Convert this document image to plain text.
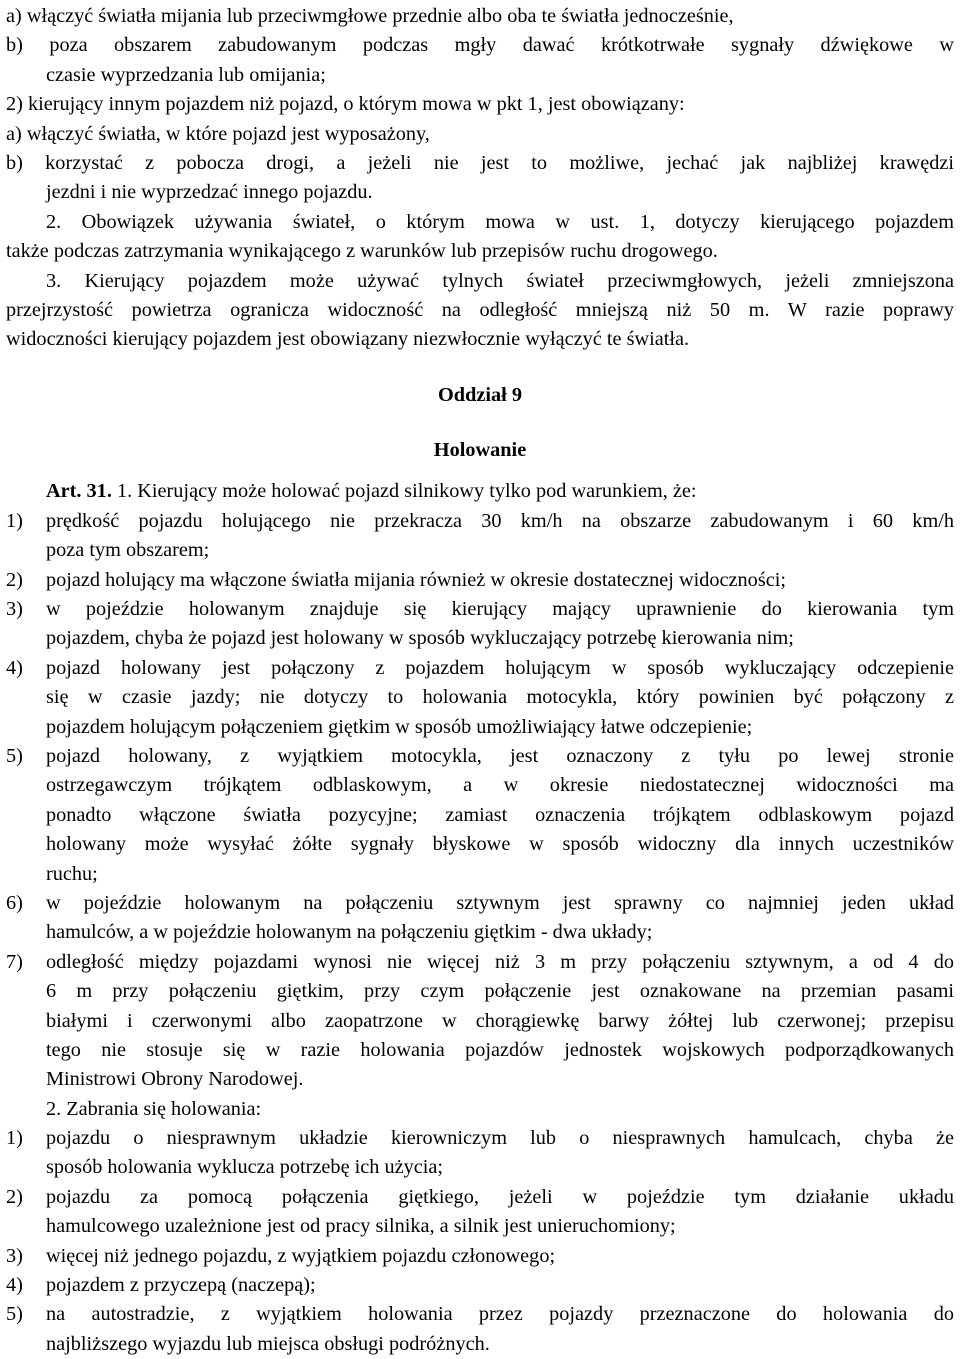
a) włączyć światła mijania lub przeciwmgłowe przednie albo oba te światła jednocześnie,
b) poza obszarem zabudowanym podczas mgły dawać krótkotrwałe sygnały dźwiękowe w
czasie wyprzedzania lub omijania;
2) kierujący innym pojazdem niż pojazd, o którym mowa w pkt 1, jest obowiązany:
a) włączyć światła, w które pojazd jest wyposażony,
b) korzystać z pobocza drogi, a jeżeli nie jest to możliwe, jechać jak najbliżej krawędzi
jezdni i nie wyprzedzać innego pojazdu.
2. Obowiązek używania świateł, o którym mowa w ust. 1, dotyczy kierującego pojazdem
także podczas zatrzymania wynikającego z warunków lub przepisów ruchu drogowego.
3. Kierujący pojazdem może używać tylnych świateł przeciwmgłowych, jeżeli zmniejszona
przejrzystość powietrza ogranicza widoczność na odległość mniejszą niż 50 m. W razie poprawy
widoczności kierujący pojazdem jest obowiązany niezwłocznie wyłączyć te światła.
Oddział 9
Holowanie
Art. 31. 1. Kierujący może holować pojazd silnikowy tylko pod warunkiem, że:
1)	prędkość pojazdu holującego nie przekracza 30 km/h na obszarze zabudowanym i 60 km/h
poza tym obszarem;
2)	pojazd holujący ma włączone światła mijania również w okresie dostatecznej widoczności;
3)	w pojeździe holowanym znajduje się kierujący mający uprawnienie do kierowania tym
pojazdem, chyba że pojazd jest holowany w sposób wykluczający potrzebę kierowania nim;
4)	pojazd holowany jest połączony z pojazdem holującym w sposób wykluczający odczepienie
się w czasie jazdy; nie dotyczy to holowania motocykla, który powinien być połączony z
pojazdem holującym połączeniem giętkim w sposób umożliwiający łatwe odczepienie;
5)	pojazd holowany, z wyjątkiem motocykla, jest oznaczony z tyłu po lewej stronie
ostrzegawczym trójkątem odblaskowym, a w okresie niedostatecznej widoczności ma
ponadto włączone światła pozycyjne; zamiast oznaczenia trójkątem odblaskowym pojazd
holowany może wysyłać żółte sygnały błyskowe w sposób widoczny dla innych uczestników
ruchu;
6)	w pojeździe holowanym na połączeniu sztywnym jest sprawny co najmniej jeden układ
hamulców, a w pojeździe holowanym na połączeniu giętkim - dwa układy;
7)	odległość między pojazdami wynosi nie więcej niż 3 m przy połączeniu sztywnym, a od 4 do
6 m przy połączeniu giętkim, przy czym połączenie jest oznakowane na przemian pasami
białymi i czerwonymi albo zaopatrzone w chorągiewkę barwy żółtej lub czerwonej; przepisu
tego nie stosuje się w razie holowania pojazdów jednostek wojskowych podporządkowanych
Ministrowi Obrony Narodowej.
2. Zabrania się holowania:
1)	pojazdu o niesprawnym układzie kierowniczym lub o niesprawnych hamulcach, chyba że
sposób holowania wyklucza potrzebę ich użycia;
2)	pojazdu za pomocą połączenia giętkiego, jeżeli w pojeździe tym działanie układu
hamulcowego uzależnione jest od pracy silnika, a silnik jest unieruchomiony;
3)	więcej niż jednego pojazdu, z wyjątkiem pojazdu członowego;
4)	pojazdem z przyczepą (naczepą);
5)	na autostradzie, z wyjątkiem holowania przez pojazdy przeznaczone do holowania do
najbliższego wyjazdu lub miejsca obsługi podróżnych.
